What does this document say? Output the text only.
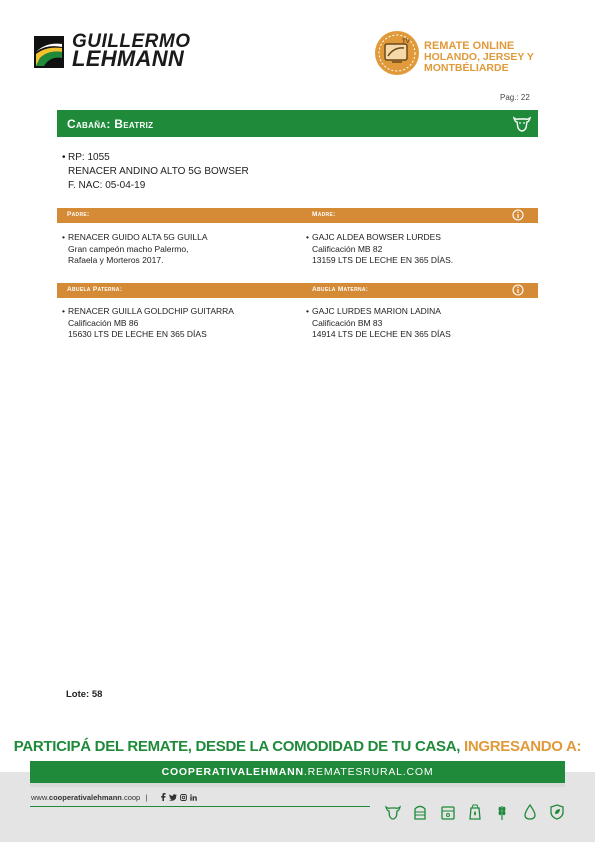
GUILLERMO
LEHMANN
TV REMATE ONLINE
HOLANDO, JERSEY Y MONTBÉLIARDE
Pag.: 22
Cabaña: Beatriz
• RP: 1055
RENACER ANDINO ALTO 5G BOWSER
F. NAC: 05-04-19
Padre:	Madre:
• RENACER GUIDO ALTA 5G GUILLA
Gran campeón macho Palermo,
Rafaela y Morteros 2017.
• GAJC ALDEA BOWSER LURDES
Calificación MB 82
13159 LTS DE LECHE EN 365 DÍAS.
Abuela Paterna:	Abuela Materna:
• RENACER GUILLA GOLDCHIP GUITARRA
Calificación MB 86
15630 LTS DE LECHE EN 365 DÍAS
• GAJC LURDES MARION LADINA
Calificación BM 83
14914 LTS DE LECHE EN 365 DÍAS
Lote: 58
PARTICIPÁ DEL REMATE, DESDE LA COMODIDAD DE TU CASA, INGRESANDO A:
COOPERATIVALEHMANN.REMATESRURAL.COM
www.cooperativalehmann.coop |
